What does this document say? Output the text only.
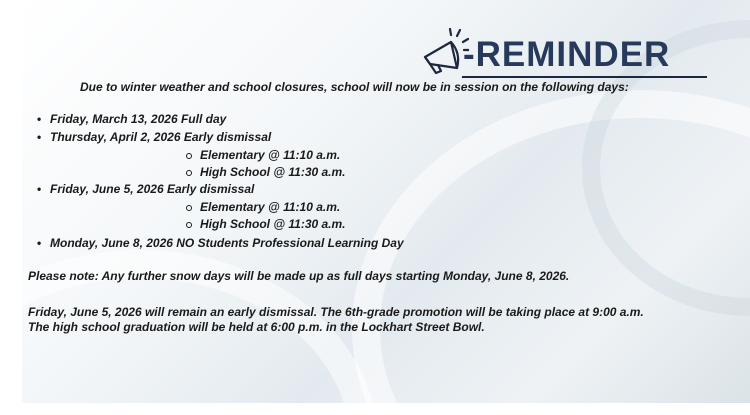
-REMINDER

Due to winter weather and school closures, school will now be in session on the following days:

• Friday, March 13, 2026 Full day

• Thursday, April 2, 2026 Early dismissal

Elementary @ 11:10 a.m.

High School @ 11:30 a.m.

• Friday, June 5, 2026 Early dismissal

Elementary @ 11:10 a.m.

High School @ 11:30 a.m.

• Monday, June 8, 2026 NO Students Professional Learning Day

Please note: Any further snow days will be made up as full days starting Monday, June 8, 2026.

Friday, June 5, 2026 will remain an early dismissal. The 6th-grade promotion will be taking place at 9:00 a.m.

The high school graduation will be held at 6:00 p.m. in the Lockhart Street Bowl.
